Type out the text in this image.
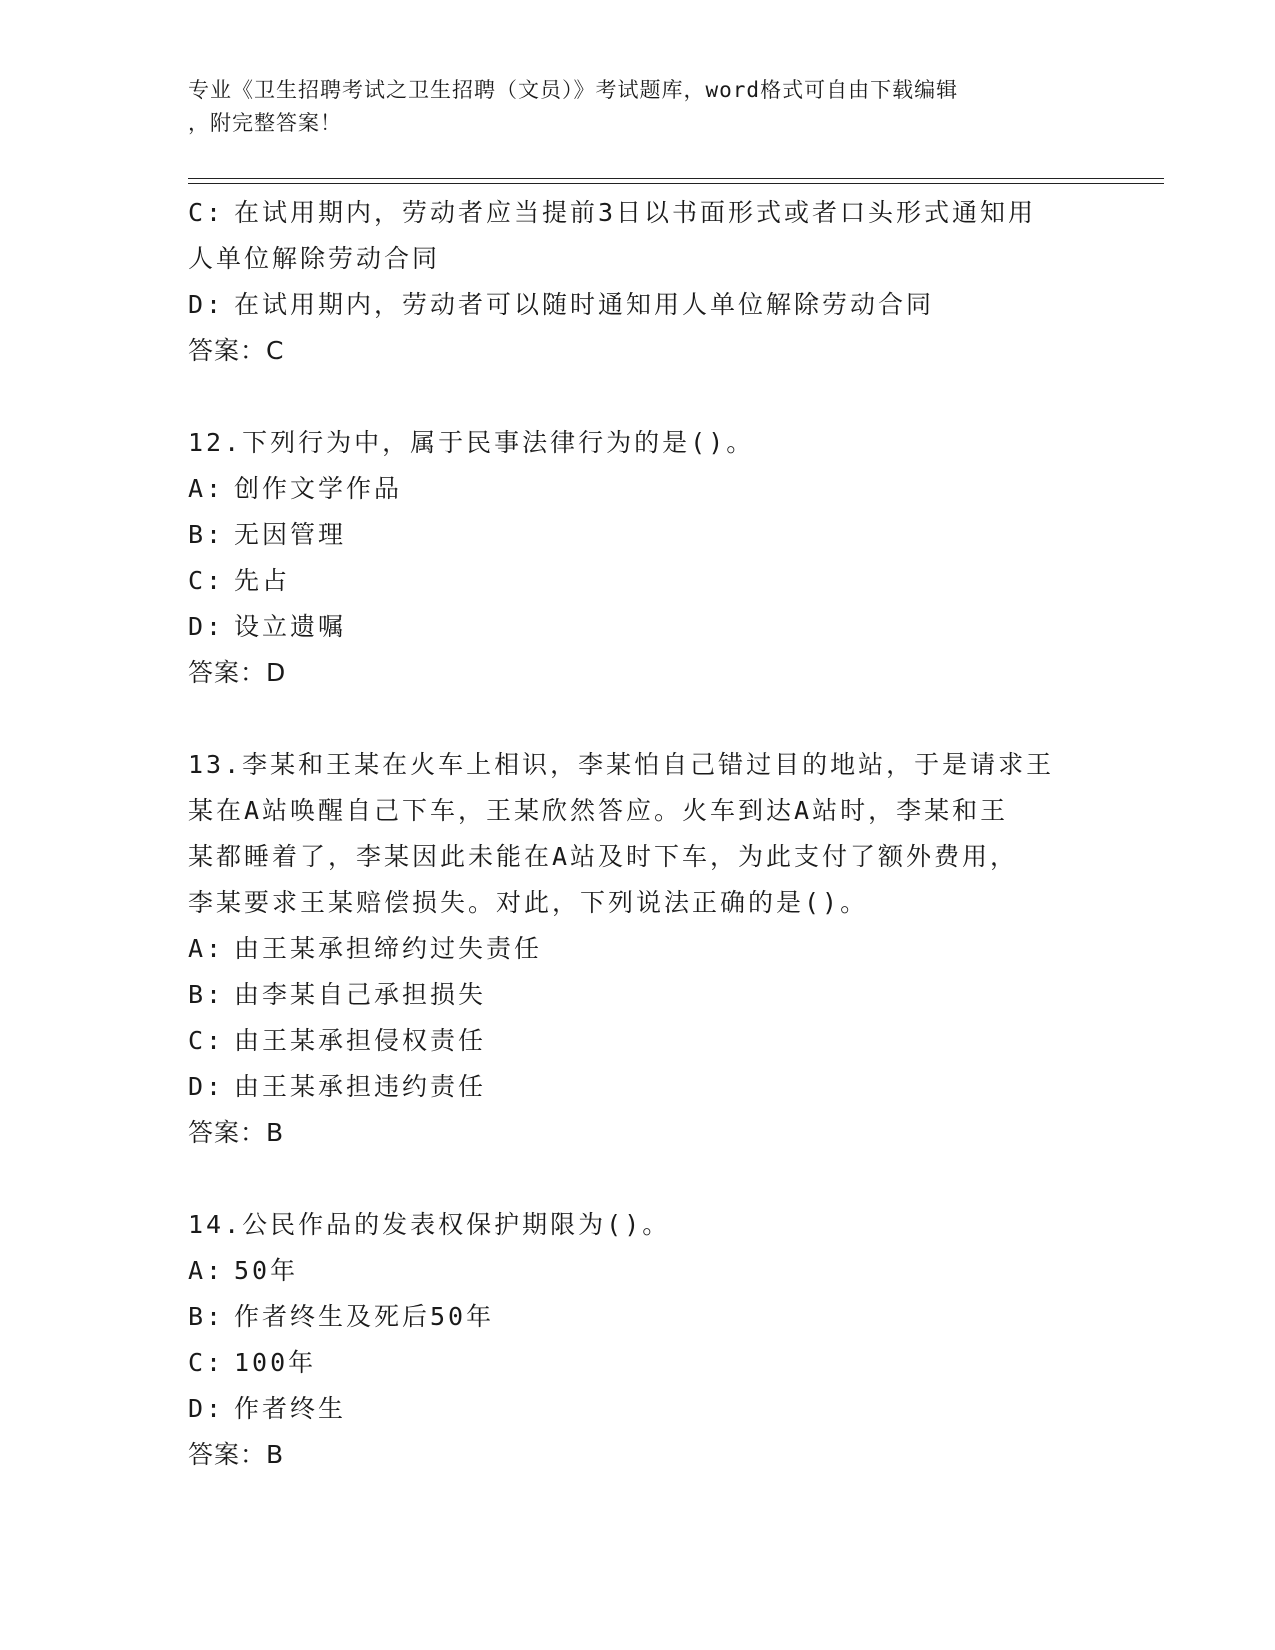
专业《卫生招聘考试之卫生招聘（文员）》考试题库，word格式可自由下载编辑
，附完整答案！
C: 在试用期内，劳动者应当提前3日以书面形式或者口头形式通知用
人单位解除劳动合同
D: 在试用期内，劳动者可以随时通知用人单位解除劳动合同
答案：C
12.下列行为中，属于民事法律行为的是()。
A: 创作文学作品
B: 无因管理
C: 先占
D: 设立遗嘱
答案：D
13.李某和王某在火车上相识，李某怕自己错过目的地站，于是请求王
某在A站唤醒自己下车，王某欣然答应。火车到达A站时，李某和王
某都睡着了，李某因此未能在A站及时下车，为此支付了额外费用，
李某要求王某赔偿损失。对此，下列说法正确的是()。
A: 由王某承担缔约过失责任
B: 由李某自己承担损失
C: 由王某承担侵权责任
D: 由王某承担违约责任
答案：B
14.公民作品的发表权保护期限为()。
A: 50年
B: 作者终生及死后50年
C: 100年
D: 作者终生
答案：B
